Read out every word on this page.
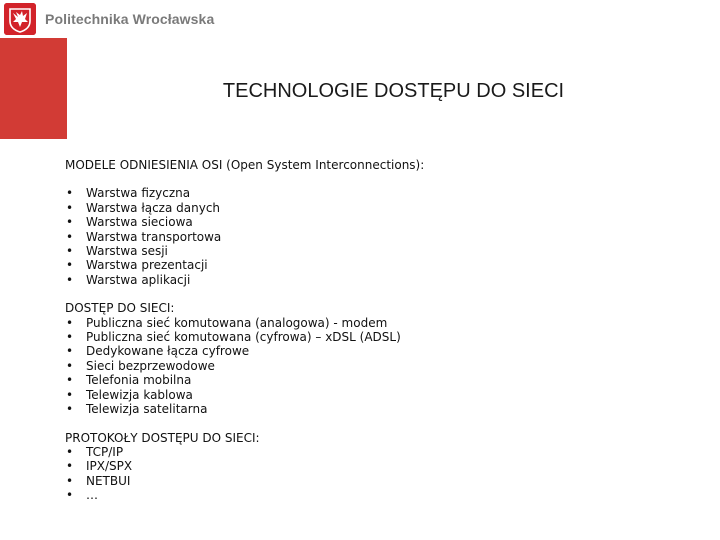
Politechnika Wrocławska
TECHNOLOGIE DOSTĘPU DO SIECI

MODELE ODNIESIENIA OSI (Open System Interconnections):

• Warstwa fizyczna
• Warstwa łącza danych
• Warstwa sieciowa
• Warstwa transportowa
• Warstwa sesji
• Warstwa prezentacji
• Warstwa aplikacji

DOSTĘP DO SIECI:

• Publiczna sieć komutowana (analogowa) - modem
• Publiczna sieć komutowana (cyfrowa) – xDSL (ADSL)
• Dedykowane łącza cyfrowe
• Sieci bezprzewodowe
• Telefonia mobilna
• Telewizja kablowa
• Telewizja satelitarna

PROTOKOŁY DOSTĘPU DO SIECI:

• TCP/IP
• IPX/SPX
• NETBUI
• …
